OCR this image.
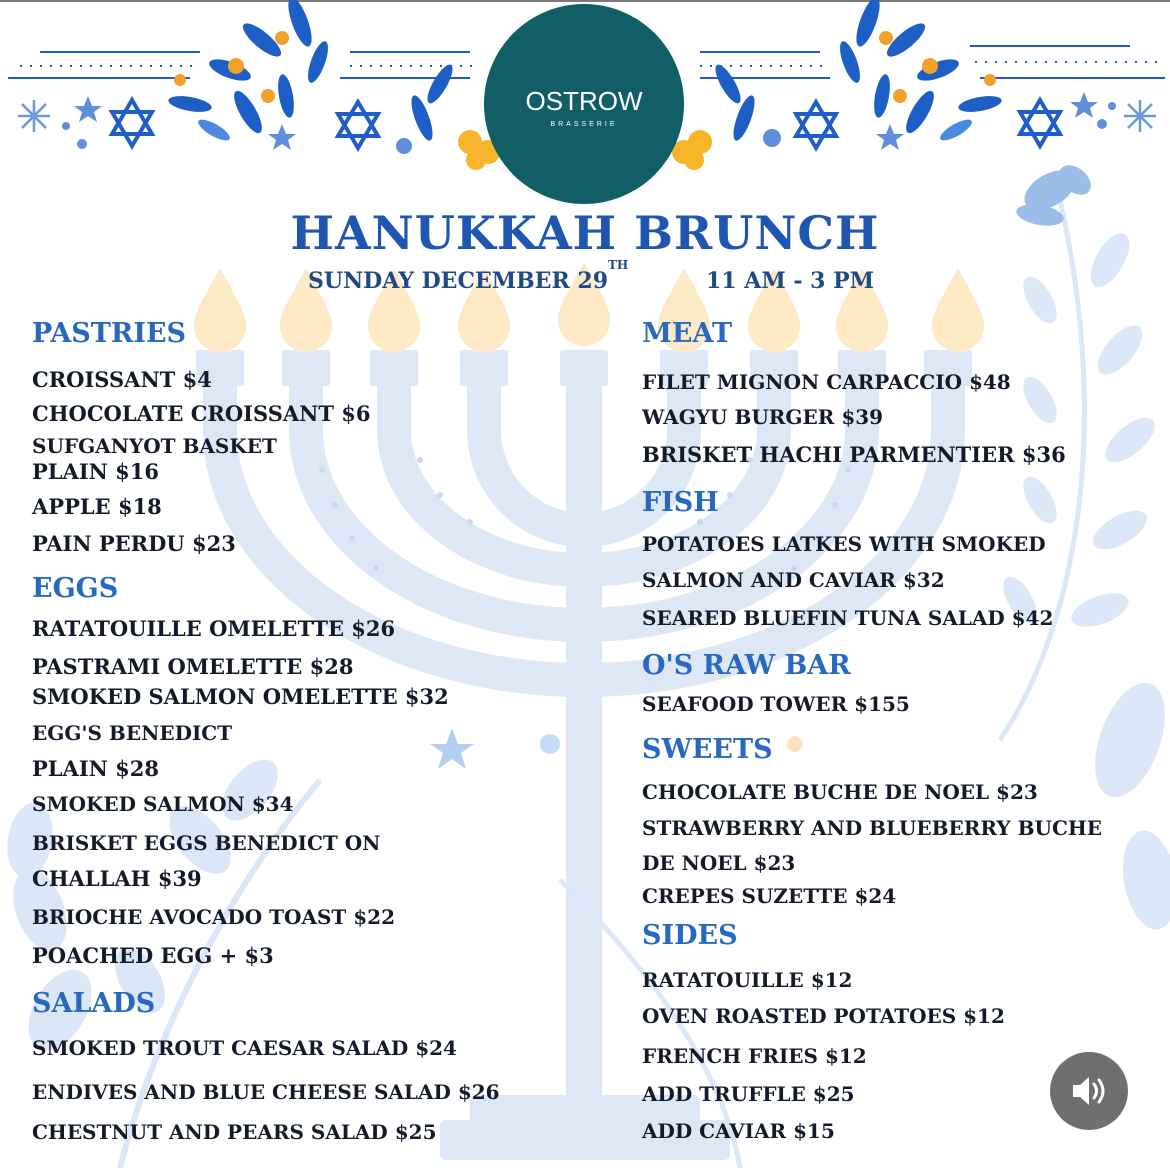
OSTROW
BRASSERIE
HANUKKAH BRUNCH
SUNDAY DECEMBER 29TH
11 AM - 3 PM
PASTRIES
CROISSANT $4
CHOCOLATE CROISSANT $6
SUFGANYOT BASKET
PLAIN $16
APPLE $18
PAIN PERDU $23
EGGS
RATATOUILLE OMELETTE $26
PASTRAMI OMELETTE $28
SMOKED SALMON OMELETTE $32
EGG'S BENEDICT
PLAIN $28
SMOKED SALMON $34
BRISKET EGGS BENEDICT ON
CHALLAH $39
BRIOCHE AVOCADO TOAST $22
POACHED EGG + $3
SALADS
SMOKED TROUT CAESAR SALAD $24
ENDIVES AND BLUE CHEESE SALAD $26
CHESTNUT AND PEARS SALAD $25
MEAT
FILET MIGNON CARPACCIO $48
WAGYU BURGER $39
BRISKET HACHI PARMENTIER $36
FISH
POTATOES LATKES WITH SMOKED
SALMON AND CAVIAR $32
SEARED BLUEFIN TUNA SALAD $42
O'S RAW BAR
SEAFOOD TOWER $155
SWEETS
CHOCOLATE BUCHE DE NOEL $23
STRAWBERRY AND BLUEBERRY BUCHE
DE NOEL $23
CREPES SUZETTE $24
SIDES
RATATOUILLE $12
OVEN ROASTED POTATOES $12
FRENCH FRIES $12
ADD TRUFFLE $25
ADD CAVIAR $15
